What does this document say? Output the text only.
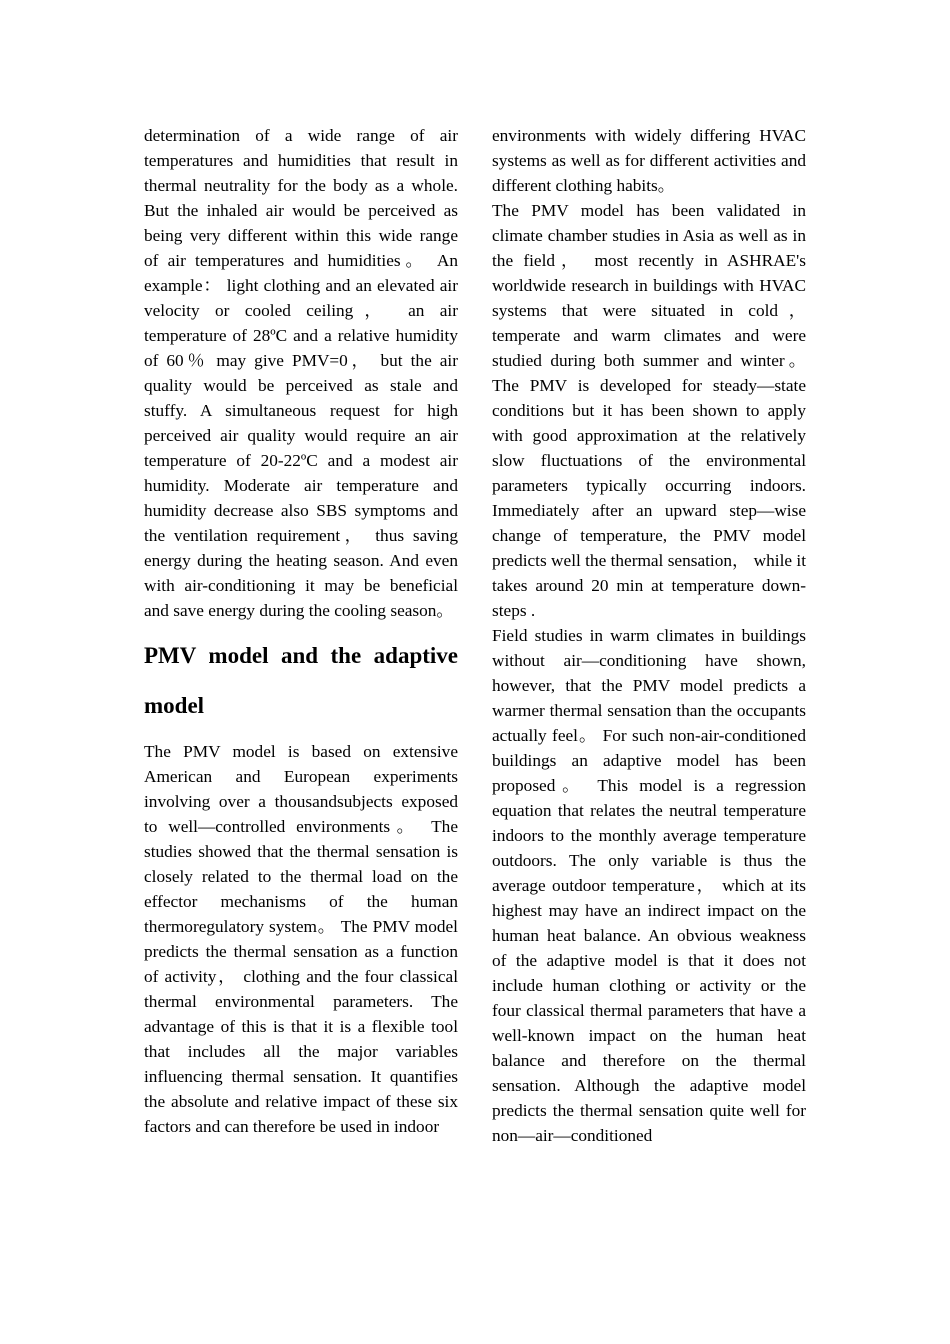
determination of a wide range of air temperatures and humidities that result in thermal neutrality for the body as a whole. But the inhaled air would be perceived as being very different within this wide range of air temperatures and humidities。 An example： light clothing and an elevated air velocity or cooled ceiling， an air temperature of 28ºC and a relative humidity of 60％ may give PMV=0， but the air quality would be perceived as stale and stuffy. A simultaneous request for high perceived air quality would require an air temperature of 20-22ºC and a modest air humidity. Moderate air temperature and humidity decrease also SBS symptoms and the ventilation requirement， thus saving energy during the heating season. And even with air-conditioning it may be beneficial and save energy during the cooling season。

PMV model and the adaptive model

The PMV model is based on extensive American and European experiments involving over a thousandsubjects exposed to well—controlled environments。 The studies showed that the thermal sensation is closely related to the thermal load on the effector mechanisms of the human thermoregulatory system。 The PMV model predicts the thermal sensation as a function of activity， clothing and the four classical thermal environmental parameters. The advantage of this is that it is a flexible tool that includes all the major variables influencing thermal sensation. It quantifies the absolute and relative impact of these six factors and can therefore be used in indoor

environments with widely differing HVAC systems as well as for different activities and different clothing habits。

The PMV model has been validated in climate chamber studies in Asia as well as in the field， most recently in ASHRAE's worldwide research in buildings with HVAC systems that were situated in cold， temperate and warm climates and were studied during both summer and winter。 The PMV is developed for steady—state conditions but it has been shown to apply with good approximation at the relatively slow fluctuations of the environmental parameters typically occurring indoors. Immediately after an upward step—wise change of temperature, the PMV model predicts well the thermal sensation， while it takes around 20 min at temperature down-steps .

Field studies in warm climates in buildings without air—conditioning have shown, however, that the PMV model predicts a warmer thermal sensation than the occupants actually feel。 For such non-air-conditioned buildings an adaptive model has been proposed。 This model is a regression equation that relates the neutral temperature indoors to the monthly average temperature outdoors. The only variable is thus the average outdoor temperature， which at its highest may have an indirect impact on the human heat balance. An obvious weakness of the adaptive model is that it does not include human clothing or activity or the four classical thermal parameters that have a well-known impact on the human heat balance and therefore on the thermal sensation. Although the adaptive model predicts the thermal sensation quite well for non—air—conditioned
